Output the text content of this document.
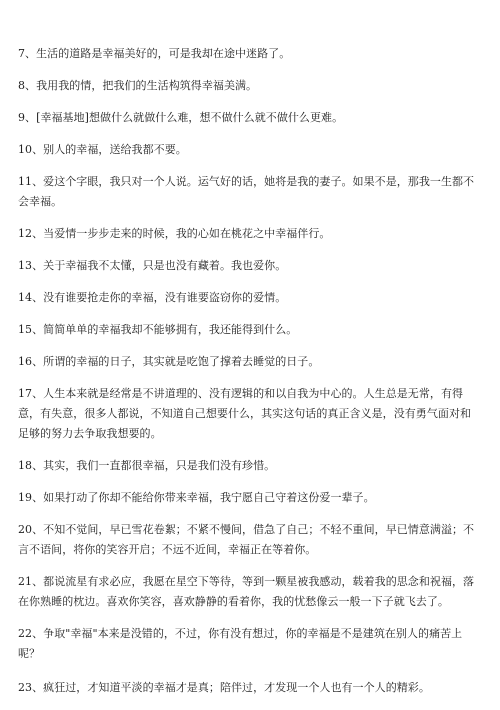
7、生活的道路是幸福美好的，可是我却在途中迷路了。

8、我用我的情，把我们的生活构筑得幸福美满。

9、[幸福基地]想做什么就做什么难，想不做什么就不做什么更难。

10、别人的幸福，送给我都不要。

11、爱这个字眼，我只对一个人说。运气好的话，她将是我的妻子。如果不是，那我一生都不会幸福。

12、当爱情一步步走来的时候，我的心如在桃花之中幸福伴行。

13、关于幸福我不太懂，只是也没有藏着。我也爱你。

14、没有谁要抢走你的幸福，没有谁要盗窃你的爱情。

15、简简单单的幸福我却不能够拥有，我还能得到什么。

16、所谓的幸福的日子，其实就是吃饱了撑着去睡觉的日子。

17、人生本来就是经常是不讲道理的、没有逻辑的和以自我为中心的。人生总是无常，有得意，有失意，很多人都说，不知道自己想要什么，其实这句话的真正含义是，没有勇气面对和足够的努力去争取我想要的。

18、其实，我们一直都很幸福，只是我们没有珍惜。

19、如果打动了你却不能给你带来幸福，我宁愿自己守着这份爱一辈子。

20、不知不觉间，早已雪花卷絮；不紧不慢间，借急了自己；不轻不重间，早已情意满溢；不言不语间，将你的笑容开启；不远不近间，幸福正在等着你。

21、都说流星有求必应，我愿在星空下等待，等到一颗星被我感动，载着我的思念和祝福，落在你熟睡的枕边。喜欢你笑容，喜欢静静的看着你，我的忧愁像云一般一下子就飞去了。

22、争取"幸福"本来是没错的，不过，你有没有想过，你的幸福是不是建筑在别人的痛苦上呢？

23、疯狂过，才知道平淡的幸福才是真；陪伴过，才发现一个人也有一个人的精彩。
